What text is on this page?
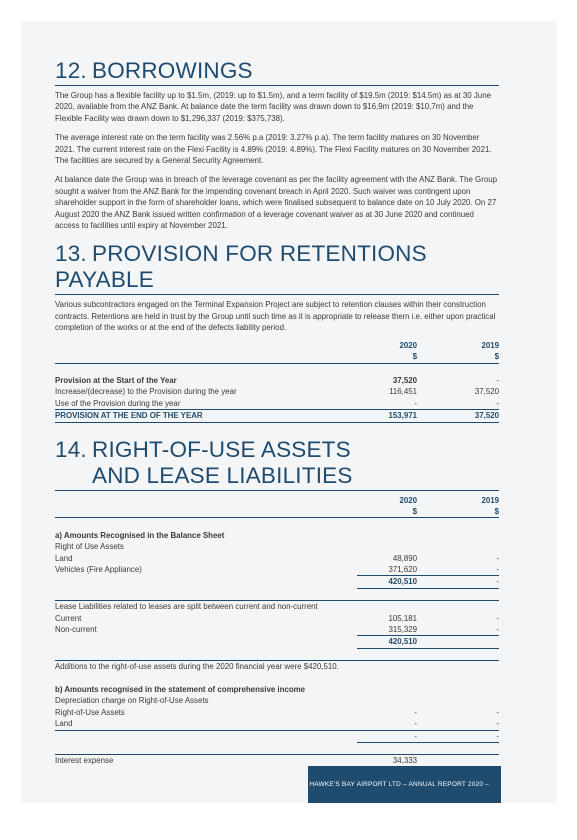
12. BORROWINGS

The Group has a flexible facility up to $1.5m, (2019: up to $1.5m), and a term facility of $19.5m (2019: $14.5m) as at 30 June 2020, available from the ANZ Bank. At balance date the term facility was drawn down to $16,9m (2019: $10,7m) and the Flexible Facility was drawn down to $1,296,337 (2019: $375,738).

The average interest rate on the term facility was 2.56% p.a (2019: 3.27% p.a). The term facility matures on 30 November 2021. The current interest rate on the Flexi Facility is 4.89% (2019: 4.89%). The Flexi Facility matures on 30 November 2021. The facilities are secured by a General Security Agreement.

At balance date the Group was in breach of the leverage covenant as per the facility agreement with the ANZ Bank. The Group sought a waiver from the ANZ Bank for the impending covenant breach in April 2020. Such waiver was contingent upon shareholder support in the form of shareholder loans, which were finalised subsequent to balance date on 10 July 2020. On 27 August 2020 the ANZ Bank issued written confirmation of a leverage covenant waiver as at 30 June 2020 and continued access to facilities until expiry at November 2021.

13. PROVISION FOR RETENTIONS PAYABLE

Various subcontractors engaged on the Terminal Expansion Project are subject to retention clauses within their construction contracts. Retentions are held in trust by the Group until such time as it is appropriate to release them i.e. either upon practical completion of the works or at the end of the defects liability period.

	2020	2019
	$	$

Provision at the Start of the Year	37,520	-
Increase/(decrease) to the Provision during the year	116,451	37,520
Use of the Provision during the year	-	-
PROVISION AT THE END OF THE YEAR	153,971	37,520
14. RIGHT-OF-USE ASSETS
AND LEASE LIABILITIES
	2020	2019
	$	$

a) Amounts Recognised in the Balance Sheet		
Right of Use Assets		
Land	48,890	-
Vehicles (Fire Appliance)	371,620	-
	420,510	-

Lease Liabilities related to leases are split between current and non-current		
Current	105,181	-
Non-current	315,329	-
	420,510	

Additions to the right-of-use assets during the 2020 financial year were $420,510.		

b) Amounts recognised in the statement of comprehensive income		
Depreciation charge on Right-of-Use Assets		
Right-of-Use Assets	-	-
Land	-	-
	-	-

Interest expense	34,333	
HAWKE'S BAY AIRPORT LTD – ANNUAL REPORT 2020 – 49
